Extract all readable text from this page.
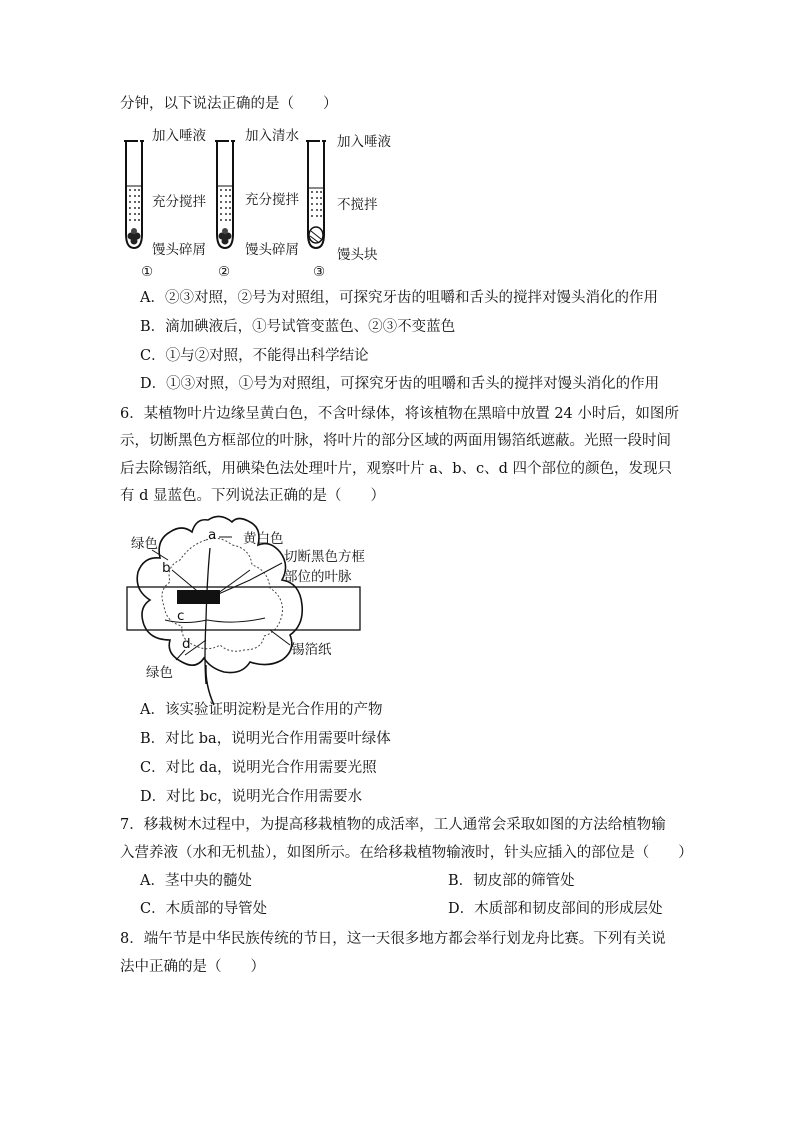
分钟，以下说法正确的是（　　）
加入唾液
充分搅拌
馒头碎屑
①
加入清水
充分搅拌
馒头碎屑
②
加入唾液
不搅拌
馒头块
③
A．②③对照，②号为对照组，可探究牙齿的咀嚼和舌头的搅拌对馒头消化的作用
B．滴加碘液后，①号试管变蓝色、②③不变蓝色
C．①与②对照，不能得出科学结论
D．①③对照，①号为对照组，可探究牙齿的咀嚼和舌头的搅拌对馒头消化的作用
6．某植物叶片边缘呈黄白色，不含叶绿体，将该植物在黑暗中放置 24 小时后，如图所
示，切断黑色方框部位的叶脉，将叶片的部分区域的两面用锡箔纸遮蔽。光照一段时间
后去除锡箔纸，用碘染色法处理叶片，观察叶片 a、b、c、d 四个部位的颜色，发现只
有 d 显蓝色。下列说法正确的是（　　）
绿色
a 黄白色
b
切断黑色方框
部位的叶脉
c
d	锡箔纸
绿色
A．该实验证明淀粉是光合作用的产物
B．对比 ba，说明光合作用需要叶绿体
C．对比 da，说明光合作用需要光照
D．对比 bc，说明光合作用需要水
7．移栽树木过程中，为提高移栽植物的成活率，工人通常会采取如图的方法给植物输
入营养液（水和无机盐），如图所示。在给移栽植物输液时，针头应插入的部位是（　　）
A．茎中央的髓处	B．韧皮部的筛管处
C．木质部的导管处	D．木质部和韧皮部间的形成层处
8．端午节是中华民族传统的节日，这一天很多地方都会举行划龙舟比赛。下列有关说
法中正确的是（　　）
